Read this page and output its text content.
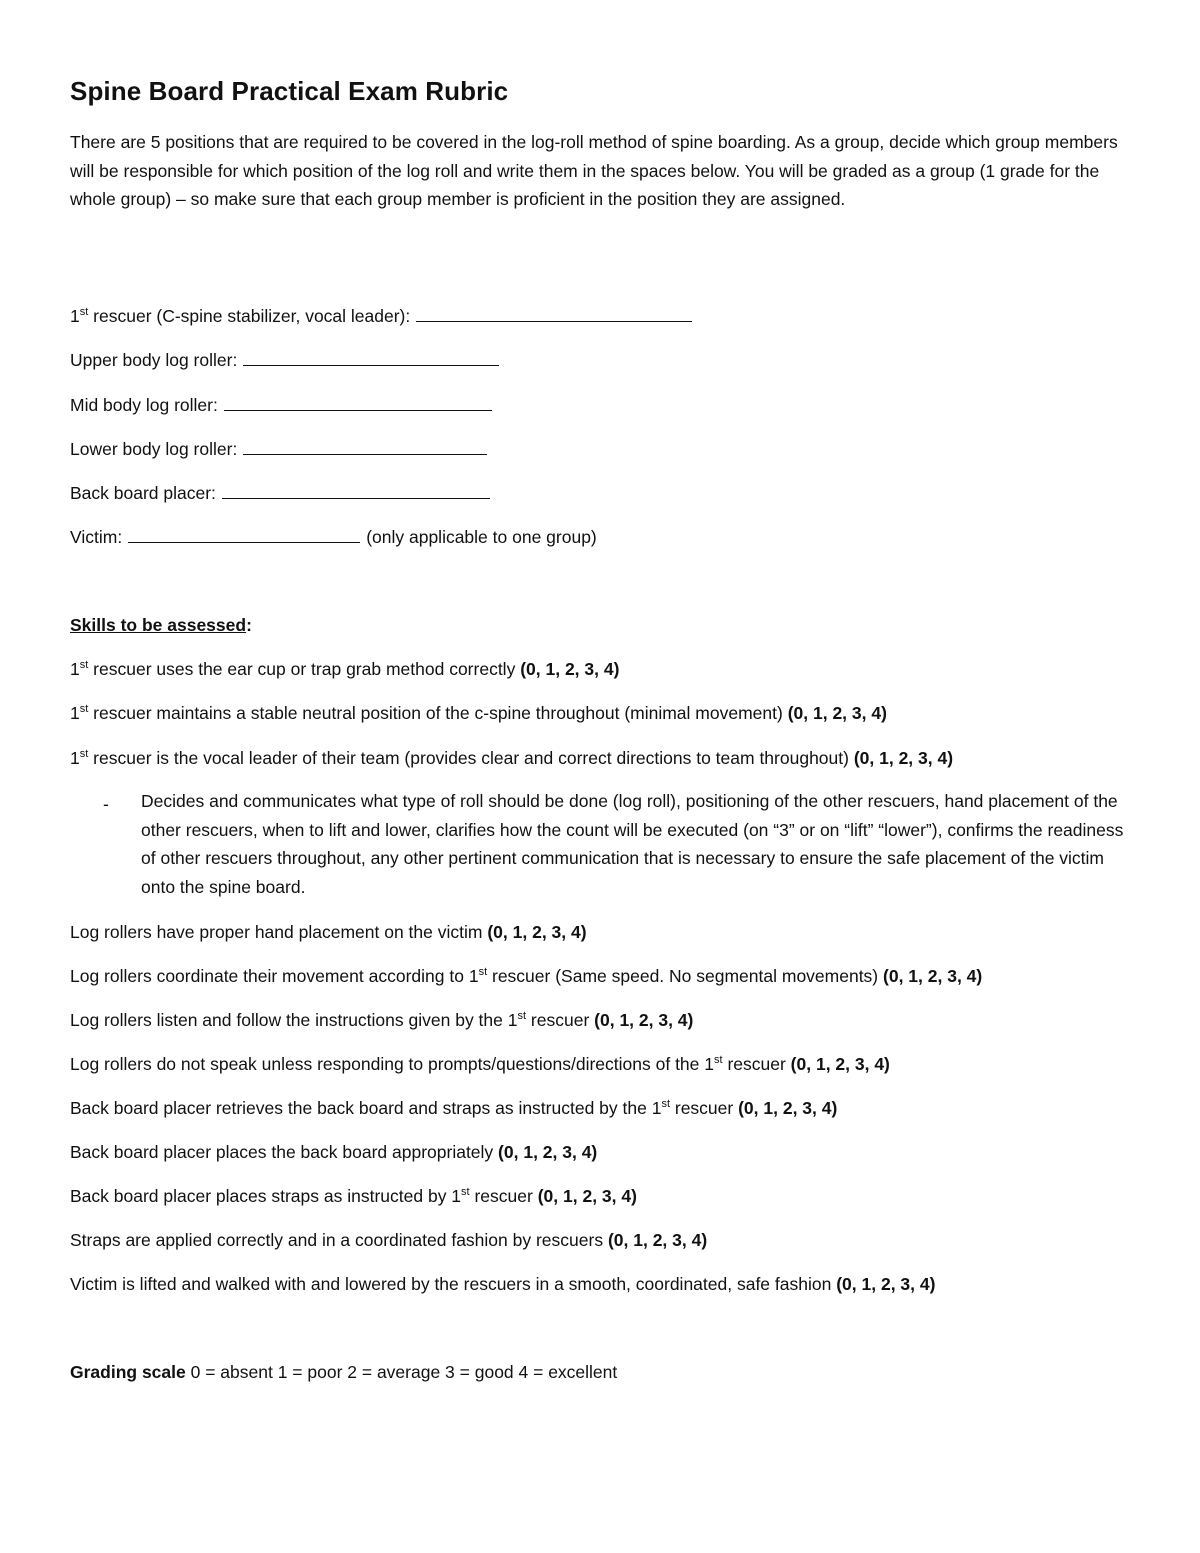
Spine Board Practical Exam Rubric
There are 5 positions that are required to be covered in the log-roll method of spine boarding. As a group, decide which group members will be responsible for which position of the log roll and write them in the spaces below. You will be graded as a group (1 grade for the whole group) – so make sure that each group member is proficient in the position they are assigned.
1st rescuer (C-spine stabilizer, vocal leader):
Upper body log roller:
Mid body log roller:
Lower body log roller:
Back board placer:
Victim:	(only applicable to one group)
Skills to be assessed:
1st rescuer uses the ear cup or trap grab method correctly (0, 1, 2, 3, 4)
1st rescuer maintains a stable neutral position of the c-spine throughout (minimal movement) (0, 1, 2, 3, 4)
1st rescuer is the vocal leader of their team (provides clear and correct directions to team throughout) (0, 1, 2, 3, 4)
- Decides and communicates what type of roll should be done (log roll), positioning of the other rescuers, hand placement of the other rescuers, when to lift and lower, clarifies how the count will be executed (on “3” or on “lift” “lower”), confirms the readiness of other rescuers throughout, any other pertinent communication that is necessary to ensure the safe placement of the victim onto the spine board.
Log rollers have proper hand placement on the victim (0, 1, 2, 3, 4)
Log rollers coordinate their movement according to 1st rescuer (Same speed. No segmental movements) (0, 1, 2, 3, 4)
Log rollers listen and follow the instructions given by the 1st rescuer (0, 1, 2, 3, 4)
Log rollers do not speak unless responding to prompts/questions/directions of the 1st rescuer (0, 1, 2, 3, 4)
Back board placer retrieves the back board and straps as instructed by the 1st rescuer (0, 1, 2, 3, 4)
Back board placer places the back board appropriately (0, 1, 2, 3, 4)
Back board placer places straps as instructed by 1st rescuer (0, 1, 2, 3, 4)
Straps are applied correctly and in a coordinated fashion by rescuers (0, 1, 2, 3, 4)
Victim is lifted and walked with and lowered by the rescuers in a smooth, coordinated, safe fashion (0, 1, 2, 3, 4)
Grading scale 0 = absent 1 = poor 2 = average 3 = good 4 = excellent
